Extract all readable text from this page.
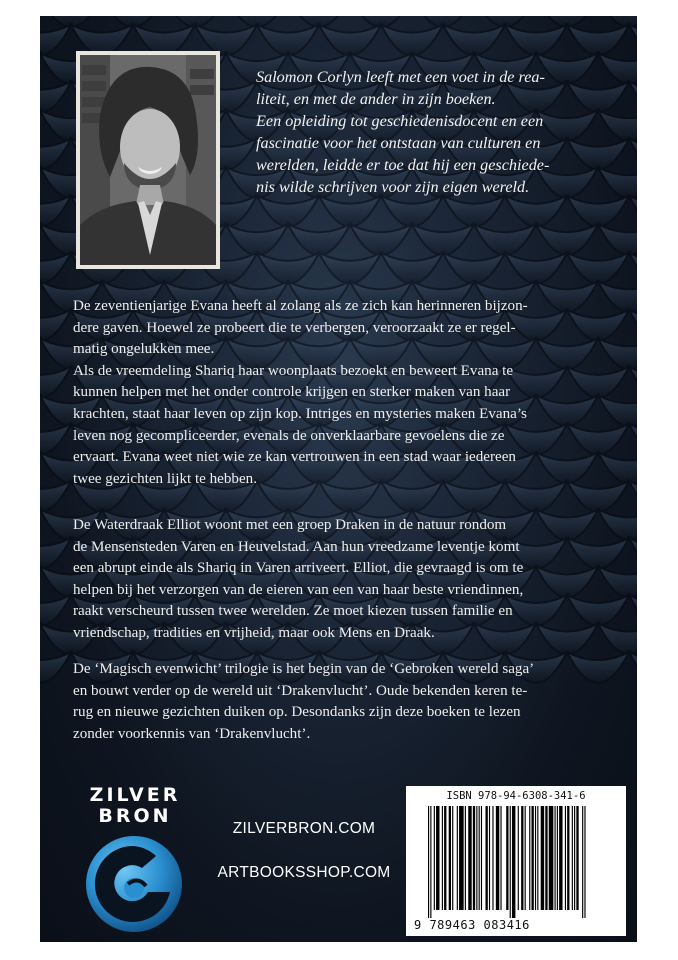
Salomon Corlyn leeft met een voet in de rea-

liteit, en met de ander in zijn boeken.

Een opleiding tot geschiedenisdocent en een

fascinatie voor het ontstaan van culturen en

werelden, leidde er toe dat hij een geschiede-

nis wilde schrijven voor zijn eigen wereld.

De zeventienjarige Evana heeft al zolang als ze zich kan herinneren bijzon-

dere gaven. Hoewel ze probeert die te verbergen, veroorzaakt ze er regel-

matig ongelukken mee.

Als de vreemdeling Shariq haar woonplaats bezoekt en beweert Evana te

kunnen helpen met het onder controle krijgen en sterker maken van haar

krachten, staat haar leven op zijn kop. Intriges en mysteries maken Evana’s

leven nog gecompliceerder, evenals de onverklaarbare gevoelens die ze

ervaart. Evana weet niet wie ze kan vertrouwen in een stad waar iedereen

twee gezichten lijkt te hebben.

De Waterdraak Elliot woont met een groep Draken in de natuur rondom

de Mensensteden Varen en Heuvelstad. Aan hun vreedzame leventje komt

een abrupt einde als Shariq in Varen arriveert. Elliot, die gevraagd is om te

helpen bij het verzorgen van de eieren van een van haar beste vriendinnen,

raakt verscheurd tussen twee werelden. Ze moet kiezen tussen familie en

vriendschap, tradities en vrijheid, maar ook Mens en Draak.

De ‘Magisch evenwicht’ trilogie is het begin van de ‘Gebroken wereld saga’

en bouwt verder op de wereld uit ‘Drakenvlucht’. Oude bekenden keren te-

rug en nieuwe gezichten duiken op. Desondanks zijn deze boeken te lezen

zonder voorkennis van ‘Drakenvlucht’.

ZILVER
BRON
ZILVERBRON.COM
ARTBOOKSSHOP.COM
ISBN 978-94-6308-341-6
9 789463 083416
